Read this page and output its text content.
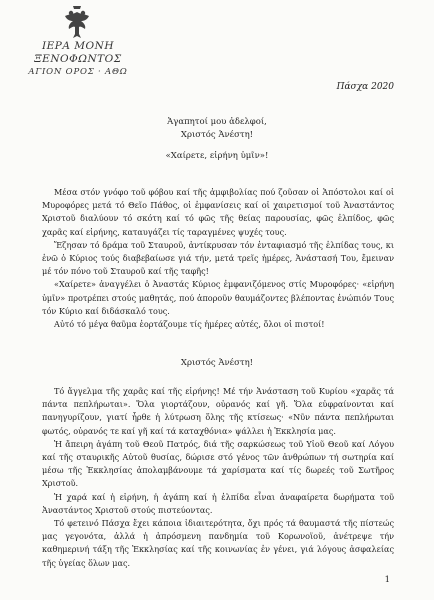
ΙΕΡΑ ΜΟΝΗ ΞΕΝΟΦΩΝΤΟΣ
ΑΓΙΟΝ ΟΡΟΣ · ΑΘΩ
Πάσχα 2020
Ἀγαπητοί μου ἀδελφοί,
Χριστός Ἀνέστη!
«Χαίρετε, εἰρήνη ὑμῖν»!

Μέσα στόν γνόφο τοῦ φόβου καί τῆς ἀμφιβολίας πού ζοῦσαν οἱ Ἀπόστολοι καί οἱ Μυροφόρες μετά τό Θεῖο Πάθος, οἱ ἐμφανίσεις καί οἱ χαιρετισμοί τοῦ Ἀναστάντος Χριστοῦ διαλύουν τό σκότη καί τό φῶς τῆς θείας παρουσίας, φῶς ἐλπίδος, φῶς χαρᾶς καί εἰρήνης, καταυγάζει τίς ταραγμένες ψυχές τους.

Ἔζησαν τό δράμα τοῦ Σταυροῦ, ἀντίκρυσαν τόν ἐνταφιασμό τῆς ἐλπίδας τους, κι ἐνῶ ὁ Κύριος τούς διαβεβαίωσε γιά τήν, μετά τρεῖς ἡμέρες, Ἀνάστασή Του, ἔμειναν μέ τόν πόνο τοῦ Σταυροῦ καί τῆς ταφῆς!

«Χαίρετε» ἀναγγέλει ὁ Ἀναστάς Κύριος ἐμφανιζόμενος στίς Μυροφόρες· «εἰρήνη ὑμῖν» προτρέπει στούς μαθητάς, πού ἀποροῦν θαυμάζοντες βλέποντας ἐνώπιόν Τους τόν Κύριο καί διδάσκαλό τους.

Αὐτό τό μέγα θαῦμα ἑορτάζουμε τίς ἡμέρες αὐτές, ὅλοι οἱ πιστοί!

Χριστός Ἀνέστη!

Τό ἄγγελμα τῆς χαρᾶς καί τῆς εἰρήνης! Μέ τήν Ἀνάσταση τοῦ Κυρίου «χαρᾶς τά πάντα πεπλήρωται». Ὅλα γιορτάζουν, οὐρανός καί γῆ. Ὅλα εὐφραίνονται καί πανηγυρίζουν, γιατί ἦρθε ἡ λύτρωση ὅλης τῆς κτίσεως· «Νῦν πάντα πεπλήρωται φωτός, οὐρανός τε καί γῆ καί τά καταχθόνια» ψάλλει ἡ Ἐκκλησία μας.

Ἡ ἄπειρη ἀγάπη τοῦ Θεοῦ Πατρός, διά τῆς σαρκώσεως τοῦ Υἱοῦ Θεοῦ καί Λόγου καί τῆς σταυρικῆς Αὐτοῦ θυσίας, δώρισε στό γένος τῶν ἀνθρώπων τή σωτηρία καί μέσω τῆς Ἐκκλησίας ἀπολαμβάνουμε τά χαρίσματα καί τίς δωρεές τοῦ Σωτῆρος Χριστοῦ.

Ἡ χαρά καί ἡ εἰρήνη, ἡ ἀγάπη καί ἡ ἐλπίδα εἶναι ἀναφαίρετα δωρήματα τοῦ Ἀναστάντος Χριστοῦ στούς πιστεύοντας.

Τό φετεινό Πάσχα ἔχει κάποια ἰδιαιτερότητα, ὄχι πρός τά θαυμαστά τῆς πίστεώς μας γεγονότα, ἀλλά ἡ ἀπρόσμενη πανδημία τοῦ Κορωνοϊοῦ, ἀνέτρεψε τήν καθημερινή τάξη τῆς Ἐκκλησίας καί τῆς κοινωνίας ἐν γένει, γιά λόγους ἀσφαλείας τῆς ὑγείας ὅλων μας.

1
